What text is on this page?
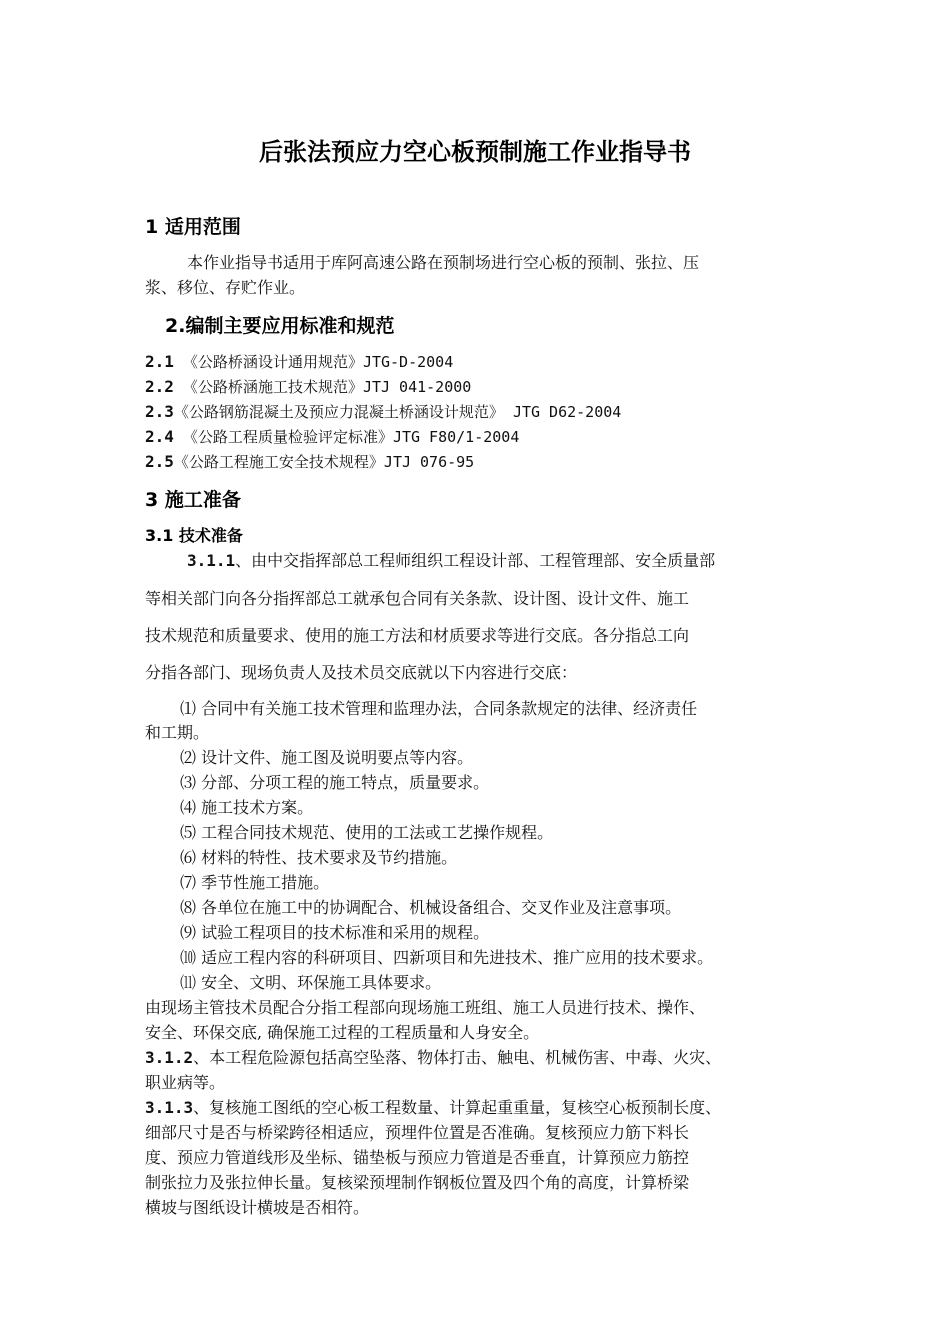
后张法预应力空心板预制施工作业指导书
1 适用范围
本作业指导书适用于库阿高速公路在预制场进行空心板的预制、张拉、压
浆、移位、存贮作业。
2.编制主要应用标准和规范
2.1 《公路桥涵设计通用规范》JTG-D-2004
2.2 《公路桥涵施工技术规范》JTJ 041-2000
2.3《公路钢筋混凝土及预应力混凝土桥涵设计规范》 JTG D62-2004
2.4 《公路工程质量检验评定标准》JTG F80/1-2004
2.5《公路工程施工安全技术规程》JTJ 076-95
3 施工准备
3.1 技术准备
3.1.1、由中交指挥部总工程师组织工程设计部、工程管理部、安全质量部
等相关部门向各分指挥部总工就承包合同有关条款、设计图、设计文件、施工
技术规范和质量要求、使用的施工方法和材质要求等进行交底。各分指总工向
分指各部门、现场负责人及技术员交底就以下内容进行交底：
⑴ 合同中有关施工技术管理和监理办法，合同条款规定的法律、经济责任
和工期。
⑵ 设计文件、施工图及说明要点等内容。
⑶ 分部、分项工程的施工特点，质量要求。
⑷ 施工技术方案。
⑸ 工程合同技术规范、使用的工法或工艺操作规程。
⑹ 材料的特性、技术要求及节约措施。
⑺ 季节性施工措施。
⑻ 各单位在施工中的协调配合、机械设备组合、交叉作业及注意事项。
⑼ 试验工程项目的技术标准和采用的规程。
⑽ 适应工程内容的科研项目、四新项目和先进技术、推广应用的技术要求。
⑾ 安全、文明、环保施工具体要求。
由现场主管技术员配合分指工程部向现场施工班组、施工人员进行技术、操作、
安全、环保交底, 确保施工过程的工程质量和人身安全。
3.1.2、本工程危险源包括高空坠落、物体打击、触电、机械伤害、中毒、火灾、
职业病等。
3.1.3、复核施工图纸的空心板工程数量、计算起重重量，复核空心板预制长度、
细部尺寸是否与桥梁跨径相适应，预埋件位置是否准确。复核预应力筋下料长
度、预应力管道线形及坐标、锚垫板与预应力管道是否垂直，计算预应力筋控
制张拉力及张拉伸长量。复核梁预埋制作钢板位置及四个角的高度，计算桥梁
横坡与图纸设计横坡是否相符。
